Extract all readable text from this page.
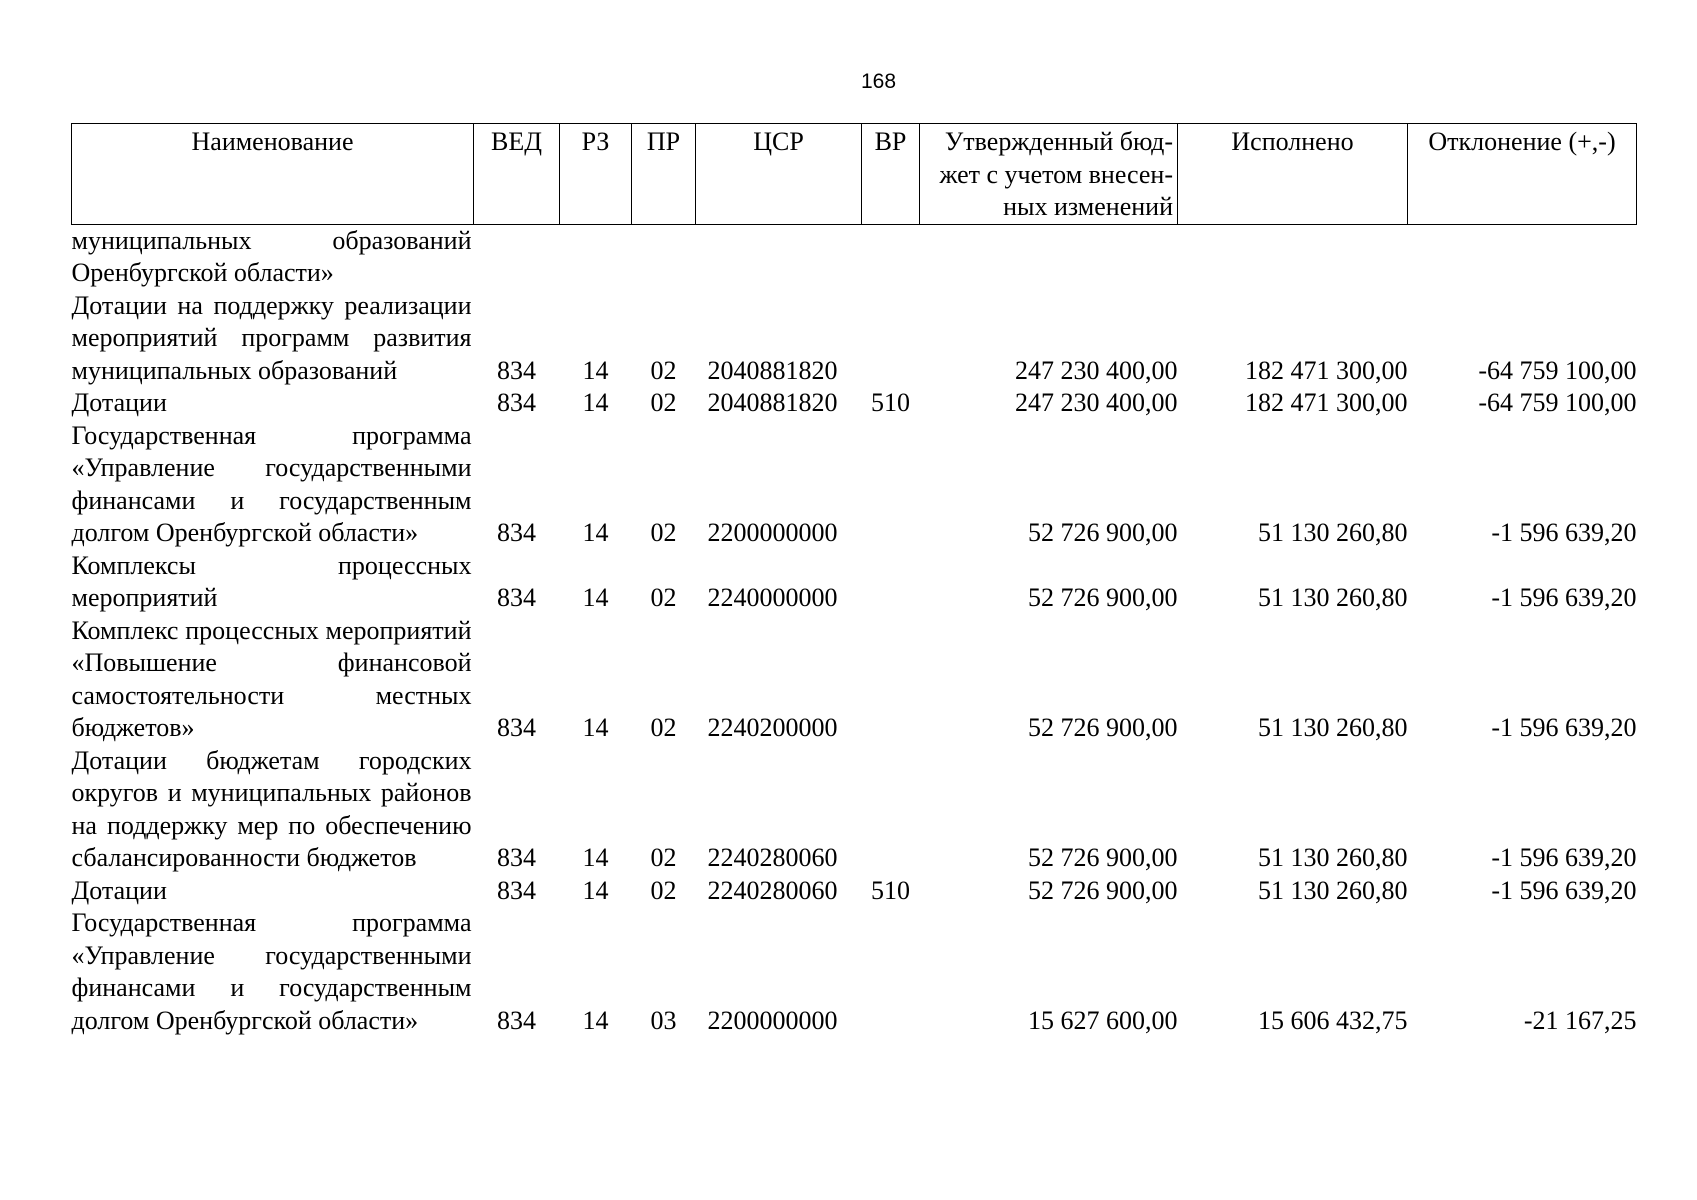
168
Наименование	ВЕД	РЗ	ПР	ЦСР	ВР	Утвержденный бюд-жет с учетом внесен-ных изменений	Исполнено	Отклонение (+,-)
муниципальных образований Оренбургской области»								
Дотации на поддержку реализации мероприятий программ развития муниципальных образований	834	14	02	2040881820		247 230 400,00	182 471 300,00	-64 759 100,00
Дотации	834	14	02	2040881820	510	247 230 400,00	182 471 300,00	-64 759 100,00
Государственная программа «Управление государственными финансами и государственным долгом Оренбургской области»	834	14	02	2200000000		52 726 900,00	51 130 260,80	-1 596 639,20
Комплексы процессных мероприятий	834	14	02	2240000000		52 726 900,00	51 130 260,80	-1 596 639,20
Комплекс процессных мероприятий «Повышение финансовой самостоятельности местных бюджетов»	834	14	02	2240200000		52 726 900,00	51 130 260,80	-1 596 639,20
Дотации бюджетам городских округов и муниципальных районов на поддержку мер по обеспечению сбалансированности бюджетов	834	14	02	2240280060		52 726 900,00	51 130 260,80	-1 596 639,20
Дотации	834	14	02	2240280060	510	52 726 900,00	51 130 260,80	-1 596 639,20
Государственная программа «Управление государственными финансами и государственным долгом Оренбургской области»	834	14	03	2200000000		15 627 600,00	15 606 432,75	-21 167,25
